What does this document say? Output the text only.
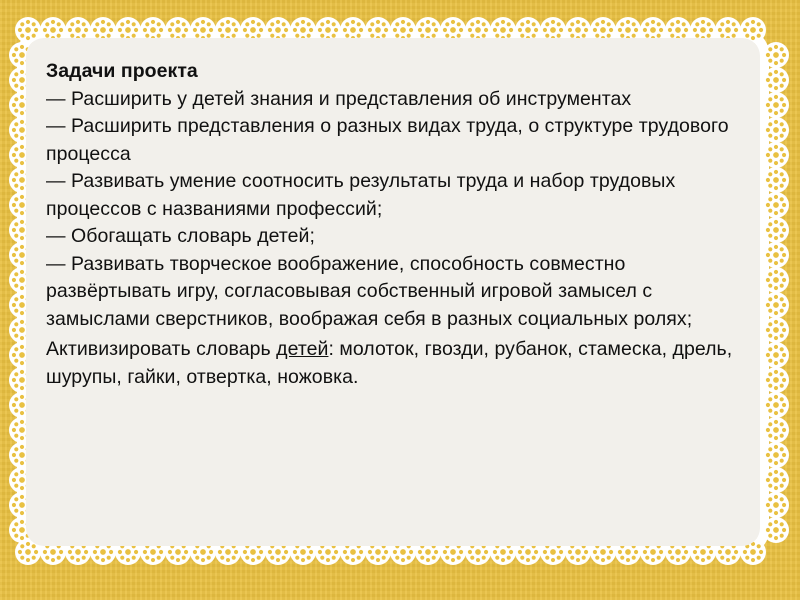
Задачи проекта
— Расширить у детей знания и представления об инструментах
— Расширить представления о разных видах труда, о структуре трудового процесса
— Развивать умение соотносить результаты труда и набор трудовых процессов с названиями профессий;
— Обогащать словарь детей;
— Развивать творческое воображение, способность совместно развёртывать игру, согласовывая собственный игровой замысел с замыслами сверстников, воображая себя в разных социальных ролях;
Активизировать словарь детей: молоток, гвозди, рубанок, стамеска, дрель, шурупы, гайки, отвертка, ножовка.
